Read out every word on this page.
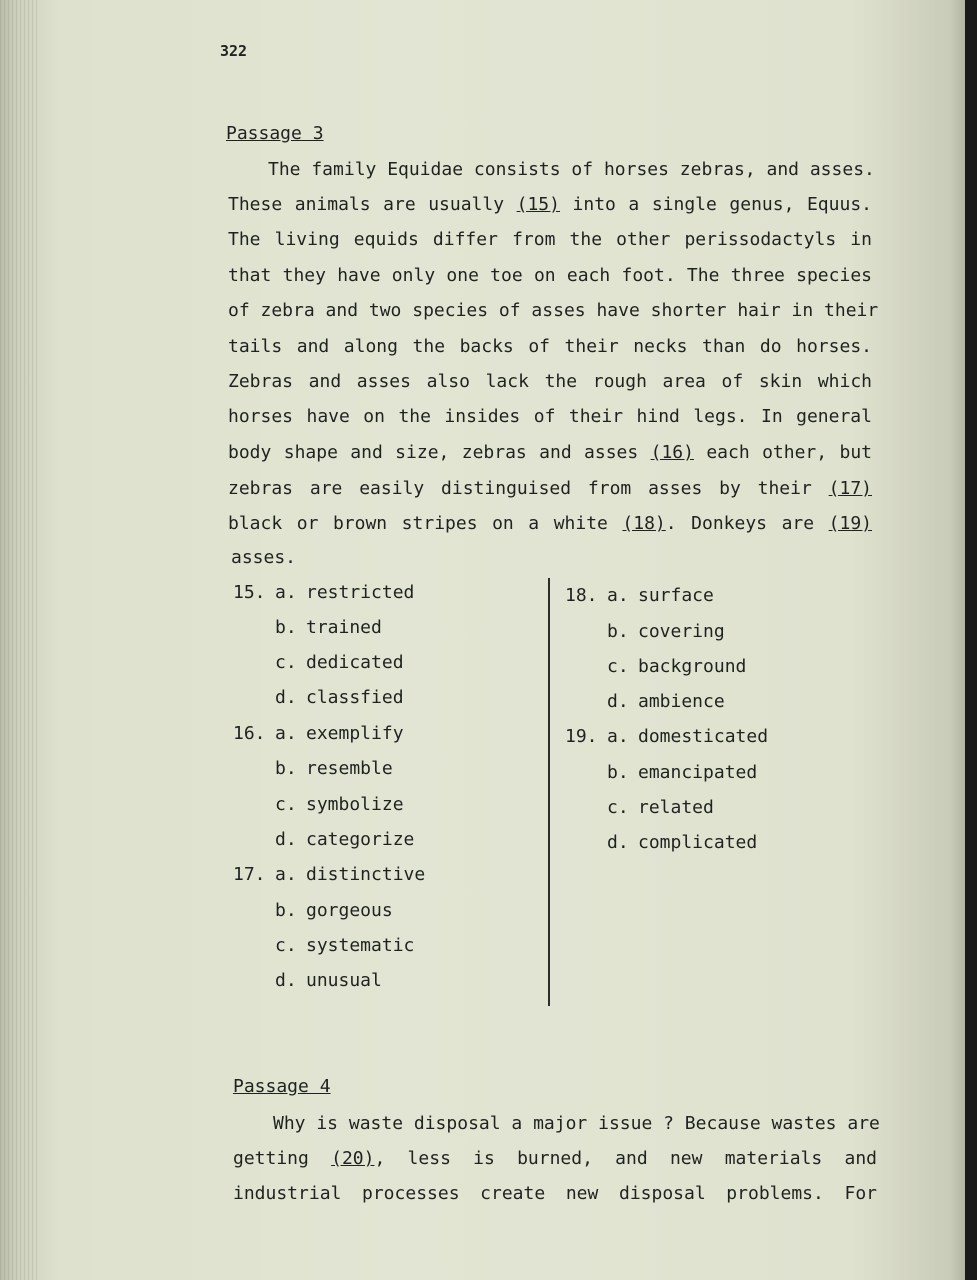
322
Passage 3
The family Equidae consists of horses zebras, and asses.
These animals are usually (15) into a single genus, Equus.
The living equids differ from the other perissodactyls in
that they have only one toe on each foot. The three species
of zebra and two species of asses have shorter hair in their
tails and along the backs of their necks than do horses.
Zebras and asses also lack the rough area of skin which
horses have on the insides of their hind legs. In general
body shape and size, zebras and asses (16) each other, but
zebras are easily distinguised from asses by their (17)
black or brown stripes on a white (18). Donkeys are (19)
asses.
15. a. restricted
b. trained
c. dedicated
d. classfied
16. a. exemplify
b. resemble
c. symbolize
d. categorize
17. a. distinctive
b. gorgeous
c. systematic
d. unusual
18. a. surface
b. covering
c. background
d. ambience
19. a. domesticated
b. emancipated
c. related
d. complicated
Passage 4
Why is waste disposal a major issue ? Because wastes are
getting (20), less is burned, and new materials and
industrial processes create new disposal problems. For
